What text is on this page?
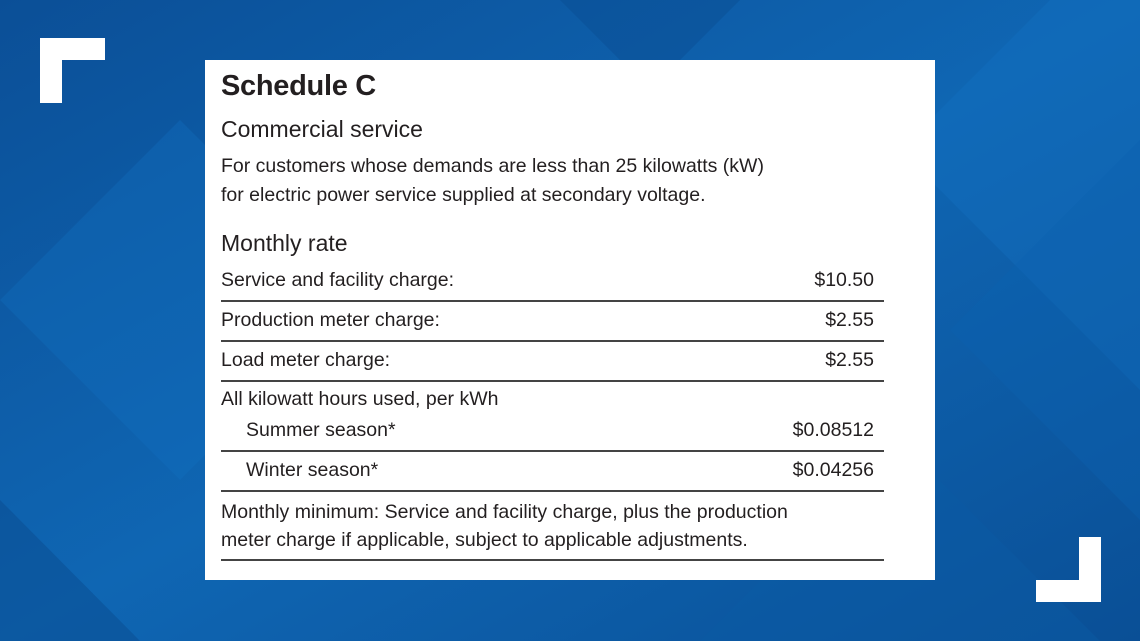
Schedule C
Commercial service
For customers whose demands are less than 25 kilowatts (kW)
for electric power service supplied at secondary voltage.
Monthly rate
Service and facility charge:	$10.50
Production meter charge:	$2.55
Load meter charge:	$2.55
All kilowatt hours used, per kWh
Summer season*	$0.08512
Winter season*	$0.04256
Monthly minimum: Service and facility charge, plus the production
meter charge if applicable, subject to applicable adjustments.
